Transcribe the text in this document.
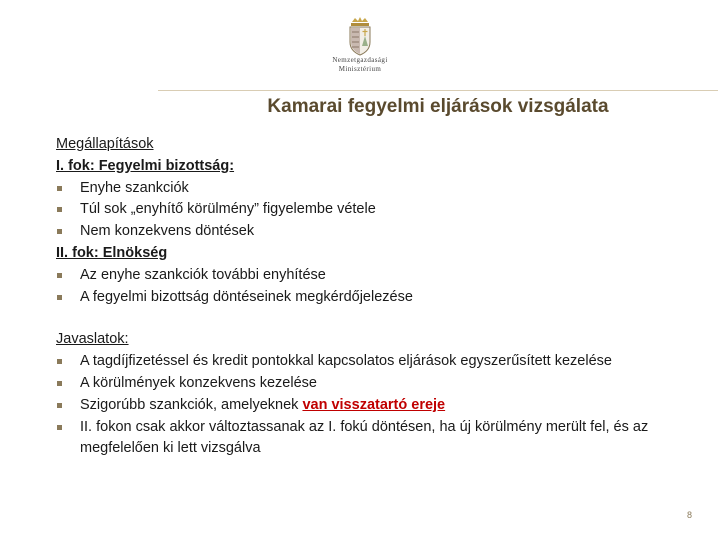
Nemzetgazdasági
Minisztérium
Kamarai fegyelmi eljárások vizsgálata
Megállapítások
I. fok: Fegyelmi bizottság:
Enyhe szankciók
Túl sok „enyhítő körülmény” figyelembe vétele
Nem konzekvens döntések
II. fok: Elnökség
Az enyhe szankciók további enyhítése
A fegyelmi bizottság döntéseinek megkérdőjelezése
Javaslatok:
A tagdíjfizetéssel és kredit pontokkal kapcsolatos eljárások egyszerűsített kezelése
A körülmények konzekvens kezelése
Szigorúbb szankciók, amelyeknek van visszatartó ereje
II. fokon csak akkor változtassanak az I. fokú döntésen, ha új körülmény merült fel, és az megfelelően ki lett vizsgálva
8
